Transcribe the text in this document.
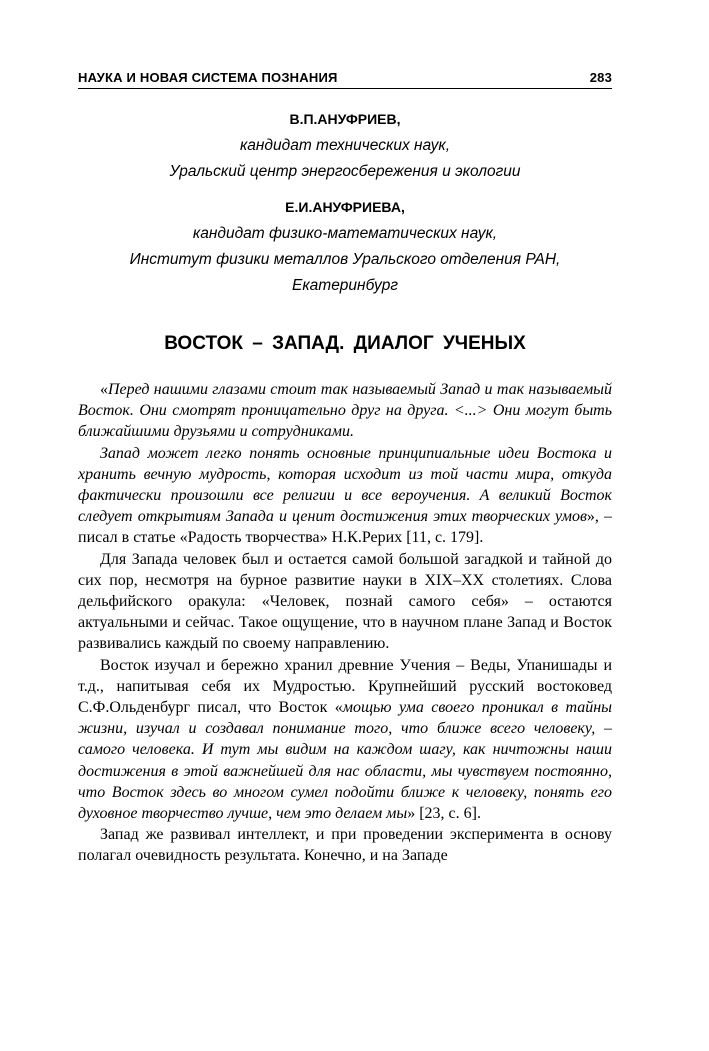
НАУКА И НОВАЯ СИСТЕМА ПОЗНАНИЯ	283

В.П.АНУФРИЕВ,

кандидат технических наук,

Уральский центр энергосбережения и экологии

Е.И.АНУФРИЕВА,

кандидат физико-математических наук,

Институт физики металлов Уральского отделения РАН,

Екатеринбург

ВОСТОК – ЗАПАД. ДИАЛОГ УЧЕНЫХ

«Перед нашими глазами стоит так называемый Запад и так называемый Восток. Они смотрят проницательно друг на друга. <...> Они могут быть ближайшими друзьями и сотрудниками.

Запад может легко понять основные принципиальные идеи Востока и хранить вечную мудрость, которая исходит из той части мира, откуда фактически произошли все религии и все вероучения. А великий Восток следует открытиям Запада и ценит достижения этих творческих умов», – писал в статье «Радость творчества» Н.К.Рерих [11, с. 179].

Для Запада человек был и остается самой большой загадкой и тайной до сих пор, несмотря на бурное развитие науки в XIX–XX столетиях. Слова дельфийского оракула: «Человек, познай самого себя» – остаются актуальными и сейчас. Такое ощущение, что в научном плане Запад и Восток развивались каждый по своему направлению.

Восток изучал и бережно хранил древние Учения – Веды, Упанишады и т.д., напитывая себя их Мудростью. Крупнейший русский востоковед С.Ф.Ольденбург писал, что Восток «мощью ума своего проникал в тайны жизни, изучал и создавал понимание того, что ближе всего человеку, – самого человека. И тут мы видим на каждом шагу, как ничтожны наши достижения в этой важнейшей для нас области, мы чувствуем постоянно, что Восток здесь во многом сумел подойти ближе к человеку, понять его духовное творчество лучше, чем это делаем мы» [23, с. 6].

Запад же развивал интеллект, и при проведении эксперимента в основу полагал очевидность результата. Конечно, и на Западе
